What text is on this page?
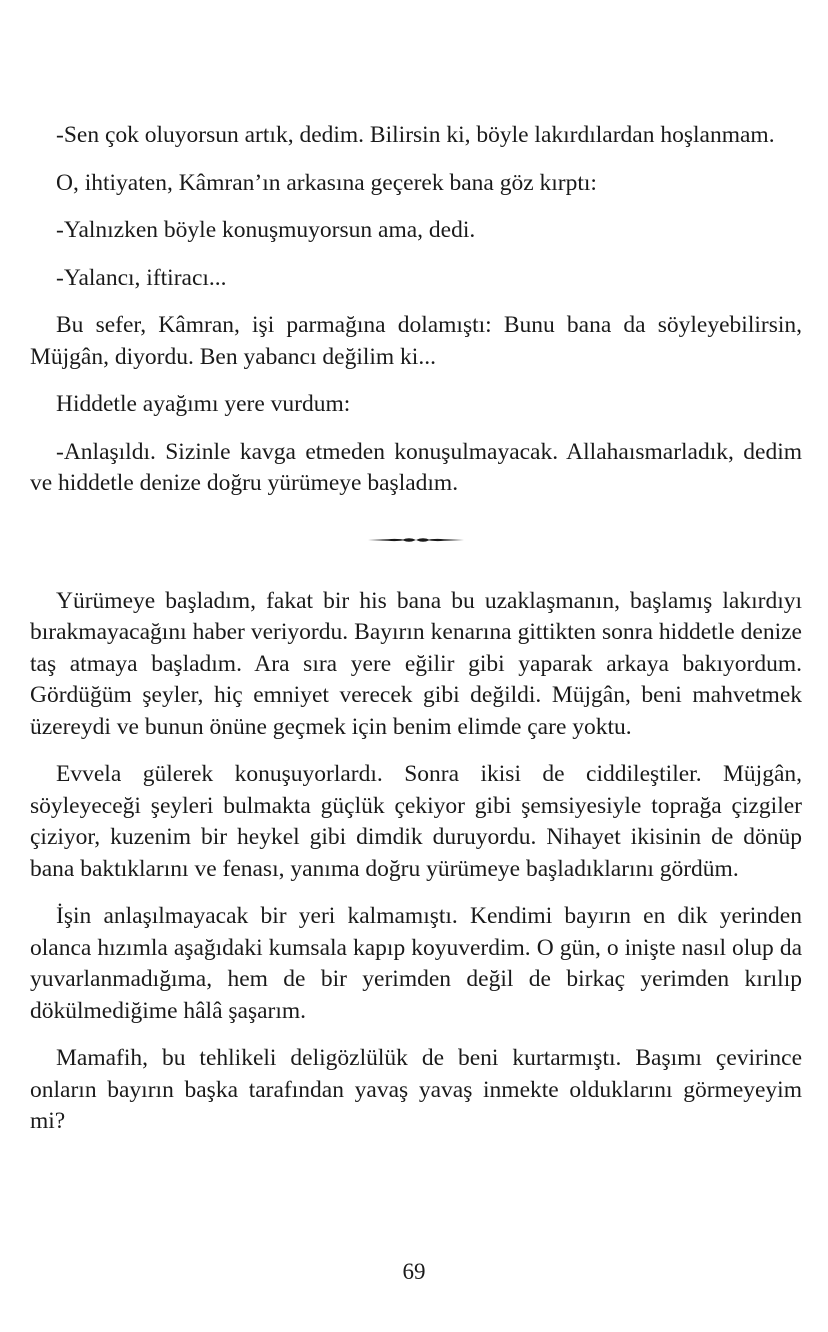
-Sen çok oluyorsun artık, dedim. Bilirsin ki, böyle lakırdılardan hoşlanmam.

O, ihtiyaten, Kâmran’ın arkasına geçerek bana göz kırptı:

-Yalnızken böyle konuşmuyorsun ama, dedi.

-Yalancı, iftiracı...

Bu sefer, Kâmran, işi parmağına dolamıştı: Bunu bana da söyleyebilirsin, Müjgân, diyordu. Ben yabancı değilim ki...

Hiddetle ayağımı yere vurdum:

-Anlaşıldı. Sizinle kavga etmeden konuşulmayacak. Allahaısmarladık, dedim ve hiddetle denize doğru yürümeye başladım.

Yürümeye başladım, fakat bir his bana bu uzaklaşmanın, başlamış lakırdıyı bırakmayacağını haber veriyordu. Bayırın kenarına gittikten sonra hiddetle denize taş atmaya başladım. Ara sıra yere eğilir gibi yaparak arkaya bakıyordum. Gördüğüm şeyler, hiç emniyet verecek gibi değildi. Müjgân, beni mahvetmek üzereydi ve bunun önüne geçmek için benim elimde çare yoktu.

Evvela gülerek konuşuyorlardı. Sonra ikisi de ciddileştiler. Müjgân, söyleyeceği şeyleri bulmakta güçlük çekiyor gibi şemsiyesiyle toprağa çizgiler çiziyor, kuzenim bir heykel gibi dimdik duruyordu. Nihayet ikisinin de dönüp bana baktıklarını ve fenası, yanıma doğru yürümeye başladıklarını gördüm.

İşin anlaşılmayacak bir yeri kalmamıştı. Kendimi bayırın en dik yerinden olanca hızımla aşağıdaki kumsala kapıp koyuverdim. O gün, o inişte nasıl olup da yuvarlanmadığıma, hem de bir yerimden değil de birkaç yerimden kırılıp dökülmediğime hâlâ şaşarım.

Mamafih, bu tehlikeli deligözlülük de beni kurtarmıştı. Başımı çevirince onların bayırın başka tarafından yavaş yavaş inmekte olduklarını görmeyeyim mi?

69
